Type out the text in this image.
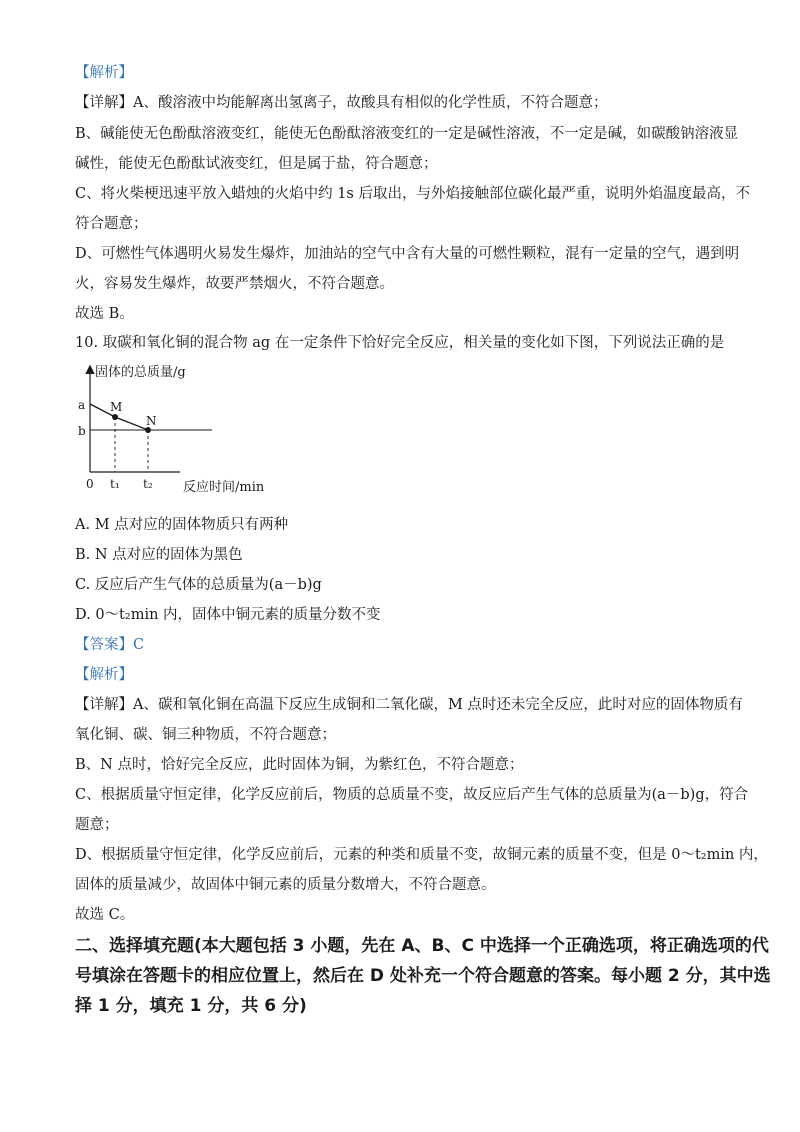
【解析】
【详解】A、酸溶液中均能解离出氢离子，故酸具有相似的化学性质，不符合题意；
B、碱能使无色酚酞溶液变红，能使无色酚酞溶液变红的一定是碱性溶液，不一定是碱，如碳酸钠溶液显
碱性，能使无色酚酞试液变红，但是属于盐，符合题意；
C、将火柴梗迅速平放入蜡烛的火焰中约 1s 后取出，与外焰接触部位碳化最严重，说明外焰温度最高，不
符合题意；
D、可燃性气体遇明火易发生爆炸，加油站的空气中含有大量的可燃性颗粒，混有一定量的空气，遇到明
火，容易发生爆炸，故要严禁烟火，不符合题意。
故选 B。
10. 取碳和氧化铜的混合物 ag 在一定条件下恰好完全反应，相关量的变化如下图，下列说法正确的是
固体的总质量/g
a
b
M
N
0 t₁ t₂ 反应时间/min
A. M 点对应的固体物质只有两种
B. N 点对应的固体为黑色
C. 反应后产生气体的总质量为(a－b)g
D. 0～t₂min 内，固体中铜元素的质量分数不变
【答案】C
【解析】
【详解】A、碳和氧化铜在高温下反应生成铜和二氧化碳，M 点时还未完全反应，此时对应的固体物质有
氧化铜、碳、铜三种物质，不符合题意；
B、N 点时，恰好完全反应，此时固体为铜，为紫红色，不符合题意；
C、根据质量守恒定律，化学反应前后，物质的总质量不变，故反应后产生气体的总质量为(a－b)g，符合
题意；
D、根据质量守恒定律，化学反应前后，元素的种类和质量不变，故铜元素的质量不变，但是 0～t₂min 内，
固体的质量减少，故固体中铜元素的质量分数增大，不符合题意。
故选 C。
二、选择填充题(本大题包括 3 小题，先在 A、B、C 中选择一个正确选项，将正确选项的代
号填涂在答题卡的相应位置上，然后在 D 处补充一个符合题意的答案。每小题 2 分，其中选
择 1 分，填充 1 分，共 6 分)
